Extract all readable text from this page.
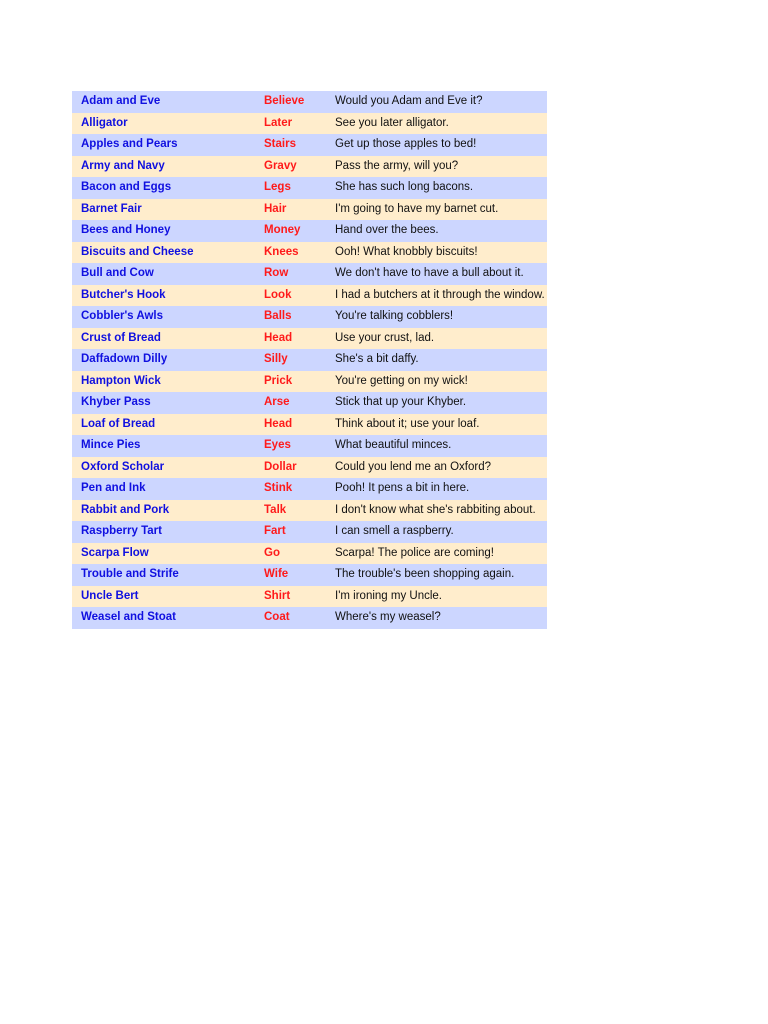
Adam and Eve	Believe	Would you Adam and Eve it?
Alligator	Later	See you later alligator.
Apples and Pears	Stairs	Get up those apples to bed!
Army and Navy	Gravy	Pass the army, will you?
Bacon and Eggs	Legs	She has such long bacons.
Barnet Fair	Hair	I'm going to have my barnet cut.
Bees and Honey	Money	Hand over the bees.
Biscuits and Cheese	Knees	Ooh! What knobbly biscuits!
Bull and Cow	Row	We don't have to have a bull about it.
Butcher's Hook	Look	I had a butchers at it through the window.
Cobbler's Awls	Balls	You're talking cobblers!
Crust of Bread	Head	Use your crust, lad.
Daffadown Dilly	Silly	She's a bit daffy.
Hampton Wick	Prick	You're getting on my wick!
Khyber Pass	Arse	Stick that up your Khyber.
Loaf of Bread	Head	Think about it; use your loaf.
Mince Pies	Eyes	What beautiful minces.
Oxford Scholar	Dollar	Could you lend me an Oxford?
Pen and Ink	Stink	Pooh! It pens a bit in here.
Rabbit and Pork	Talk	I don't know what she's rabbiting about.
Raspberry Tart	Fart	I can smell a raspberry.
Scarpa Flow	Go	Scarpa! The police are coming!
Trouble and Strife	Wife	The trouble's been shopping again.
Uncle Bert	Shirt	I'm ironing my Uncle.
Weasel and Stoat	Coat	Where's my weasel?
